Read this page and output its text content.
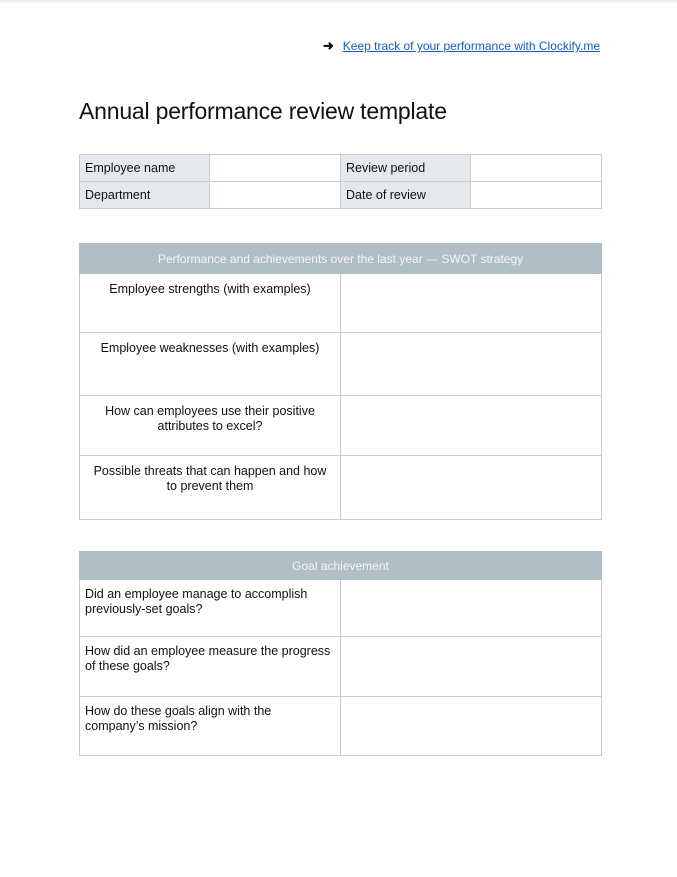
➜ Keep track of your performance with Clockify.me
Annual performance review template
Employee name		Review period	
Department		Date of review	
Performance and achievements over the last year — SWOT strategy	
Employee strengths (with examples)	
Employee weaknesses (with examples)	
How can employees use their positive attributes to excel?	
Possible threats that can happen and how to prevent them	
Goal achievement	
Did an employee manage to accomplish previously-set goals?	
How did an employee measure the progress of these goals?	
How do these goals align with the company’s mission?	
